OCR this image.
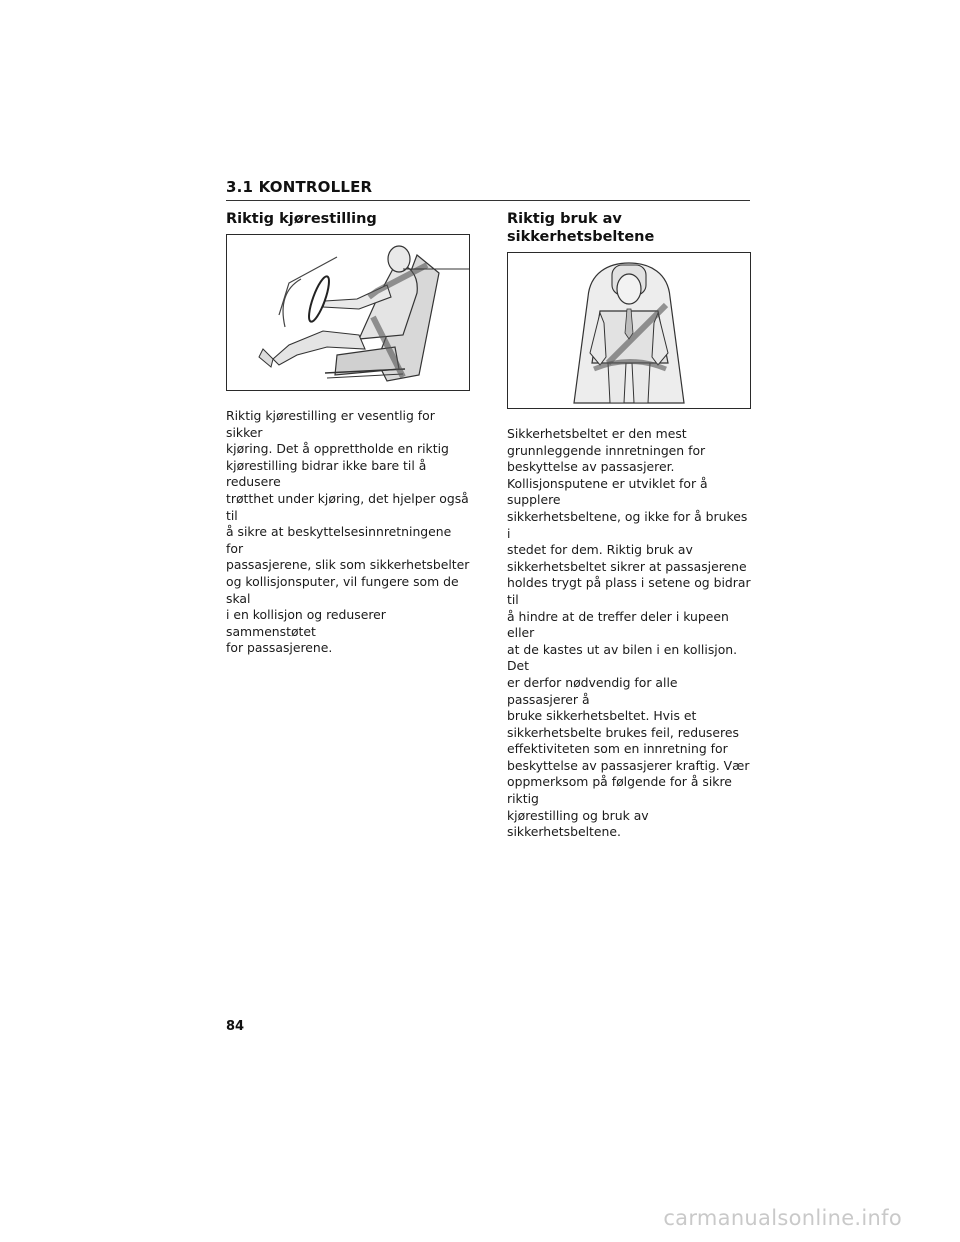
3.1 KONTROLLER
Riktig kjørestilling
Riktig kjørestilling er vesentlig for sikker
kjøring. Det å opprettholde en riktig
kjørestilling bidrar ikke bare til å redusere
trøtthet under kjøring, det hjelper også til
å sikre at beskyttelsesinnretningene for
passasjerene, slik som sikkerhetsbelter
og kollisjonsputer, vil fungere som de skal
i en kollisjon og reduserer sammenstøtet
for passasjerene.
Riktig bruk av sikkerhetsbeltene
Sikkerhetsbeltet er den mest
grunnleggende innretningen for
beskyttelse av passasjerer.
Kollisjonsputene er utviklet for å supplere
sikkerhetsbeltene, og ikke for å brukes i
stedet for dem. Riktig bruk av
sikkerhetsbeltet sikrer at passasjerene
holdes trygt på plass i setene og bidrar til
å hindre at de treffer deler i kupeen eller
at de kastes ut av bilen i en kollisjon. Det
er derfor nødvendig for alle passasjerer å
bruke sikkerhetsbeltet. Hvis et
sikkerhetsbelte brukes feil, reduseres
effektiviteten som en innretning for
beskyttelse av passasjerer kraftig. Vær
oppmerksom på følgende for å sikre riktig
kjørestilling og bruk av sikkerhetsbeltene.
84
carmanualsonline.info
